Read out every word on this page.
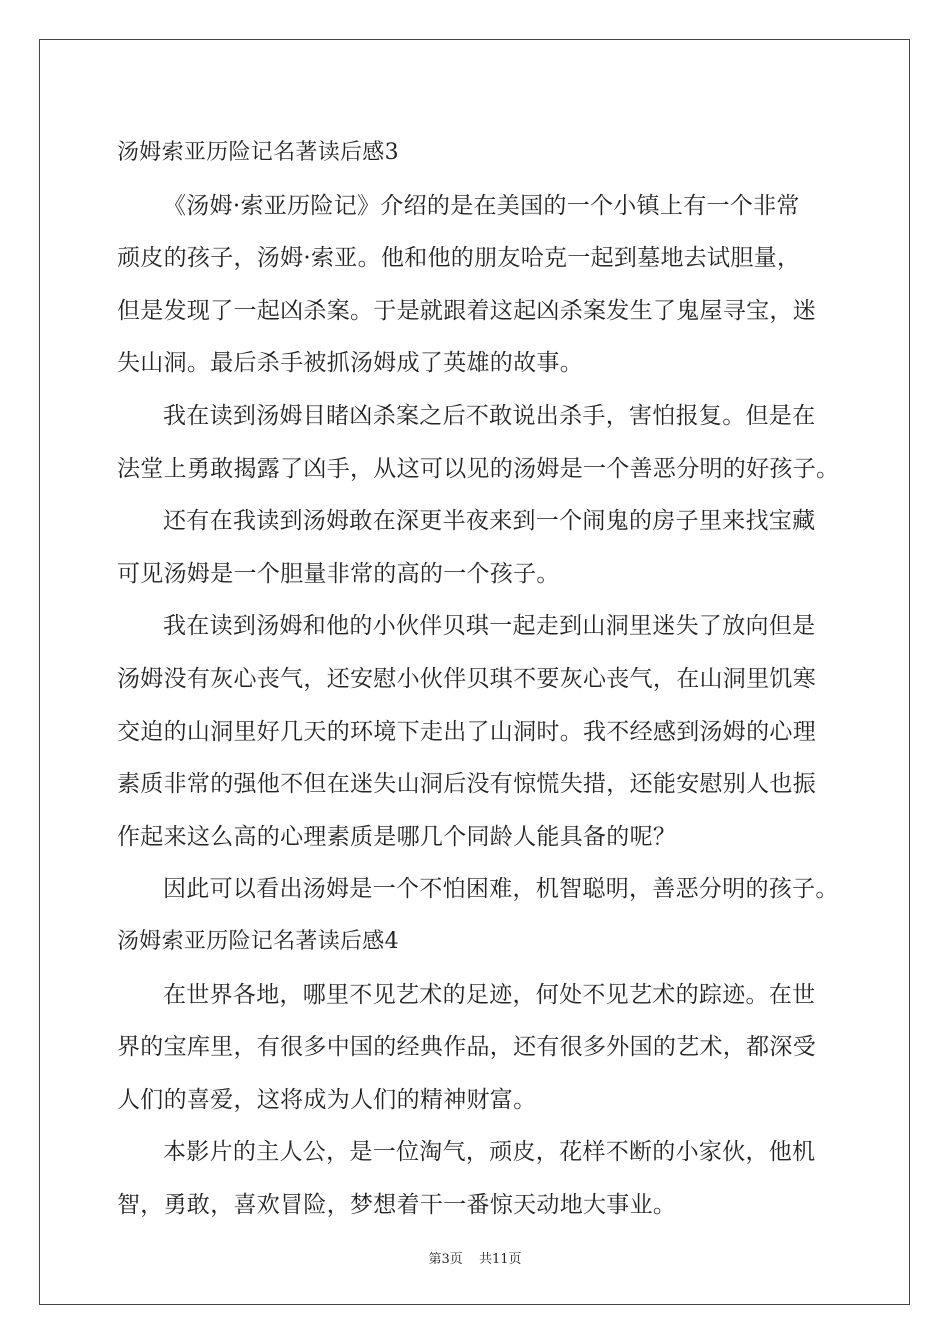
汤姆索亚历险记名著读后感3
《汤姆·索亚历险记》介绍的是在美国的一个小镇上有一个非常
顽皮的孩子，汤姆·索亚。他和他的朋友哈克一起到墓地去试胆量，
但是发现了一起凶杀案。于是就跟着这起凶杀案发生了鬼屋寻宝，迷
失山洞。最后杀手被抓汤姆成了英雄的故事。
我在读到汤姆目睹凶杀案之后不敢说出杀手，害怕报复。但是在
法堂上勇敢揭露了凶手，从这可以见的汤姆是一个善恶分明的好孩子。
还有在我读到汤姆敢在深更半夜来到一个闹鬼的房子里来找宝藏
可见汤姆是一个胆量非常的高的一个孩子。
我在读到汤姆和他的小伙伴贝琪一起走到山洞里迷失了放向但是
汤姆没有灰心丧气，还安慰小伙伴贝琪不要灰心丧气，在山洞里饥寒
交迫的山洞里好几天的环境下走出了山洞时。我不经感到汤姆的心理
素质非常的强他不但在迷失山洞后没有惊慌失措，还能安慰别人也振
作起来这么高的心理素质是哪几个同龄人能具备的呢？
因此可以看出汤姆是一个不怕困难，机智聪明，善恶分明的孩子。
汤姆索亚历险记名著读后感4
在世界各地，哪里不见艺术的足迹，何处不见艺术的踪迹。在世
界的宝库里，有很多中国的经典作品，还有很多外国的艺术，都深受
人们的喜爱，这将成为人们的精神财富。
本影片的主人公，是一位淘气，顽皮，花样不断的小家伙，他机
智，勇敢，喜欢冒险，梦想着干一番惊天动地大事业。
第3页 共11页
